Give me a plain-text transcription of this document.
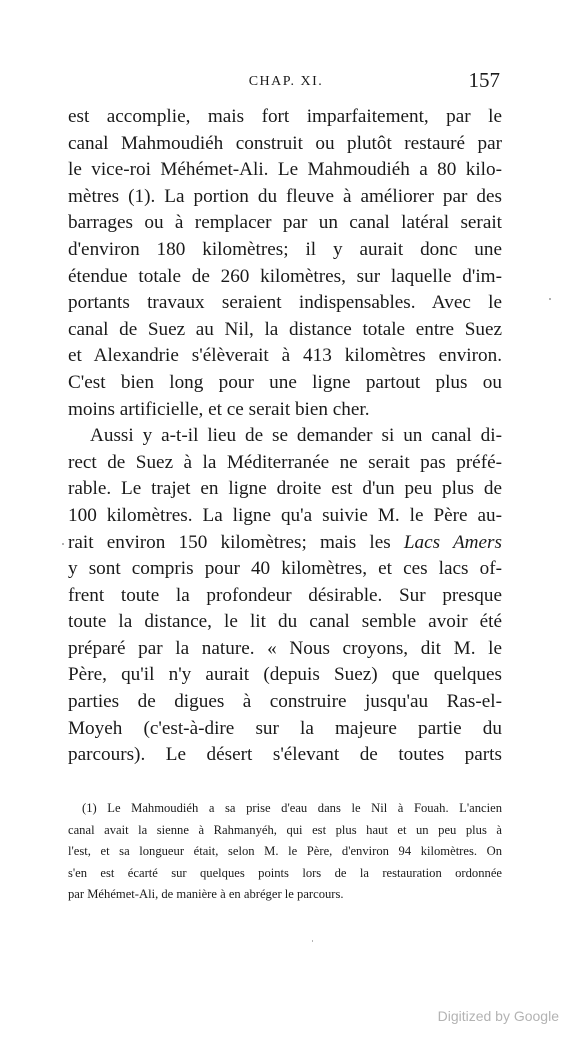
CHAP. XI.	157
est accomplie, mais fort imparfaitement, par le
canal Mahmoudiéh construit ou plutôt restauré par
le vice-roi Méhémet-Ali. Le Mahmoudiéh a 80 kilo-
mètres (1). La portion du fleuve à améliorer par des
barrages ou à remplacer par un canal latéral serait
d'environ 180 kilomètres; il y aurait donc une
étendue totale de 260 kilomètres, sur laquelle d'im-
portants travaux seraient indispensables. Avec le
canal de Suez au Nil, la distance totale entre Suez
et Alexandrie s'élèverait à 413 kilomètres environ.
C'est bien long pour une ligne partout plus ou
moins artificielle, et ce serait bien cher.
Aussi y a-t-il lieu de se demander si un canal di-
rect de Suez à la Méditerranée ne serait pas préfé-
rable. Le trajet en ligne droite est d'un peu plus de
100 kilomètres. La ligne qu'a suivie M. le Père au-
rait environ 150 kilomètres; mais les Lacs Amers
y sont compris pour 40 kilomètres, et ces lacs of-
frent toute la profondeur désirable. Sur presque
toute la distance, le lit du canal semble avoir été
préparé par la nature. « Nous croyons, dit M. le
Père, qu'il n'y aurait (depuis Suez) que quelques
parties de digues à construire jusqu'au Ras-el-
Moyeh (c'est-à-dire sur la majeure partie du
parcours). Le désert s'élevant de toutes parts
(1) Le Mahmoudiéh a sa prise d'eau dans le Nil à Fouah. L'ancien
canal avait la sienne à Rahmanyéh, qui est plus haut et un peu plus à
l'est, et sa longueur était, selon M. le Père, d'environ 94 kilomètres. On
s'en est écarté sur quelques points lors de la restauration ordonnée
par Méhémet-Ali, de manière à en abréger le parcours.
Digitized by Google
